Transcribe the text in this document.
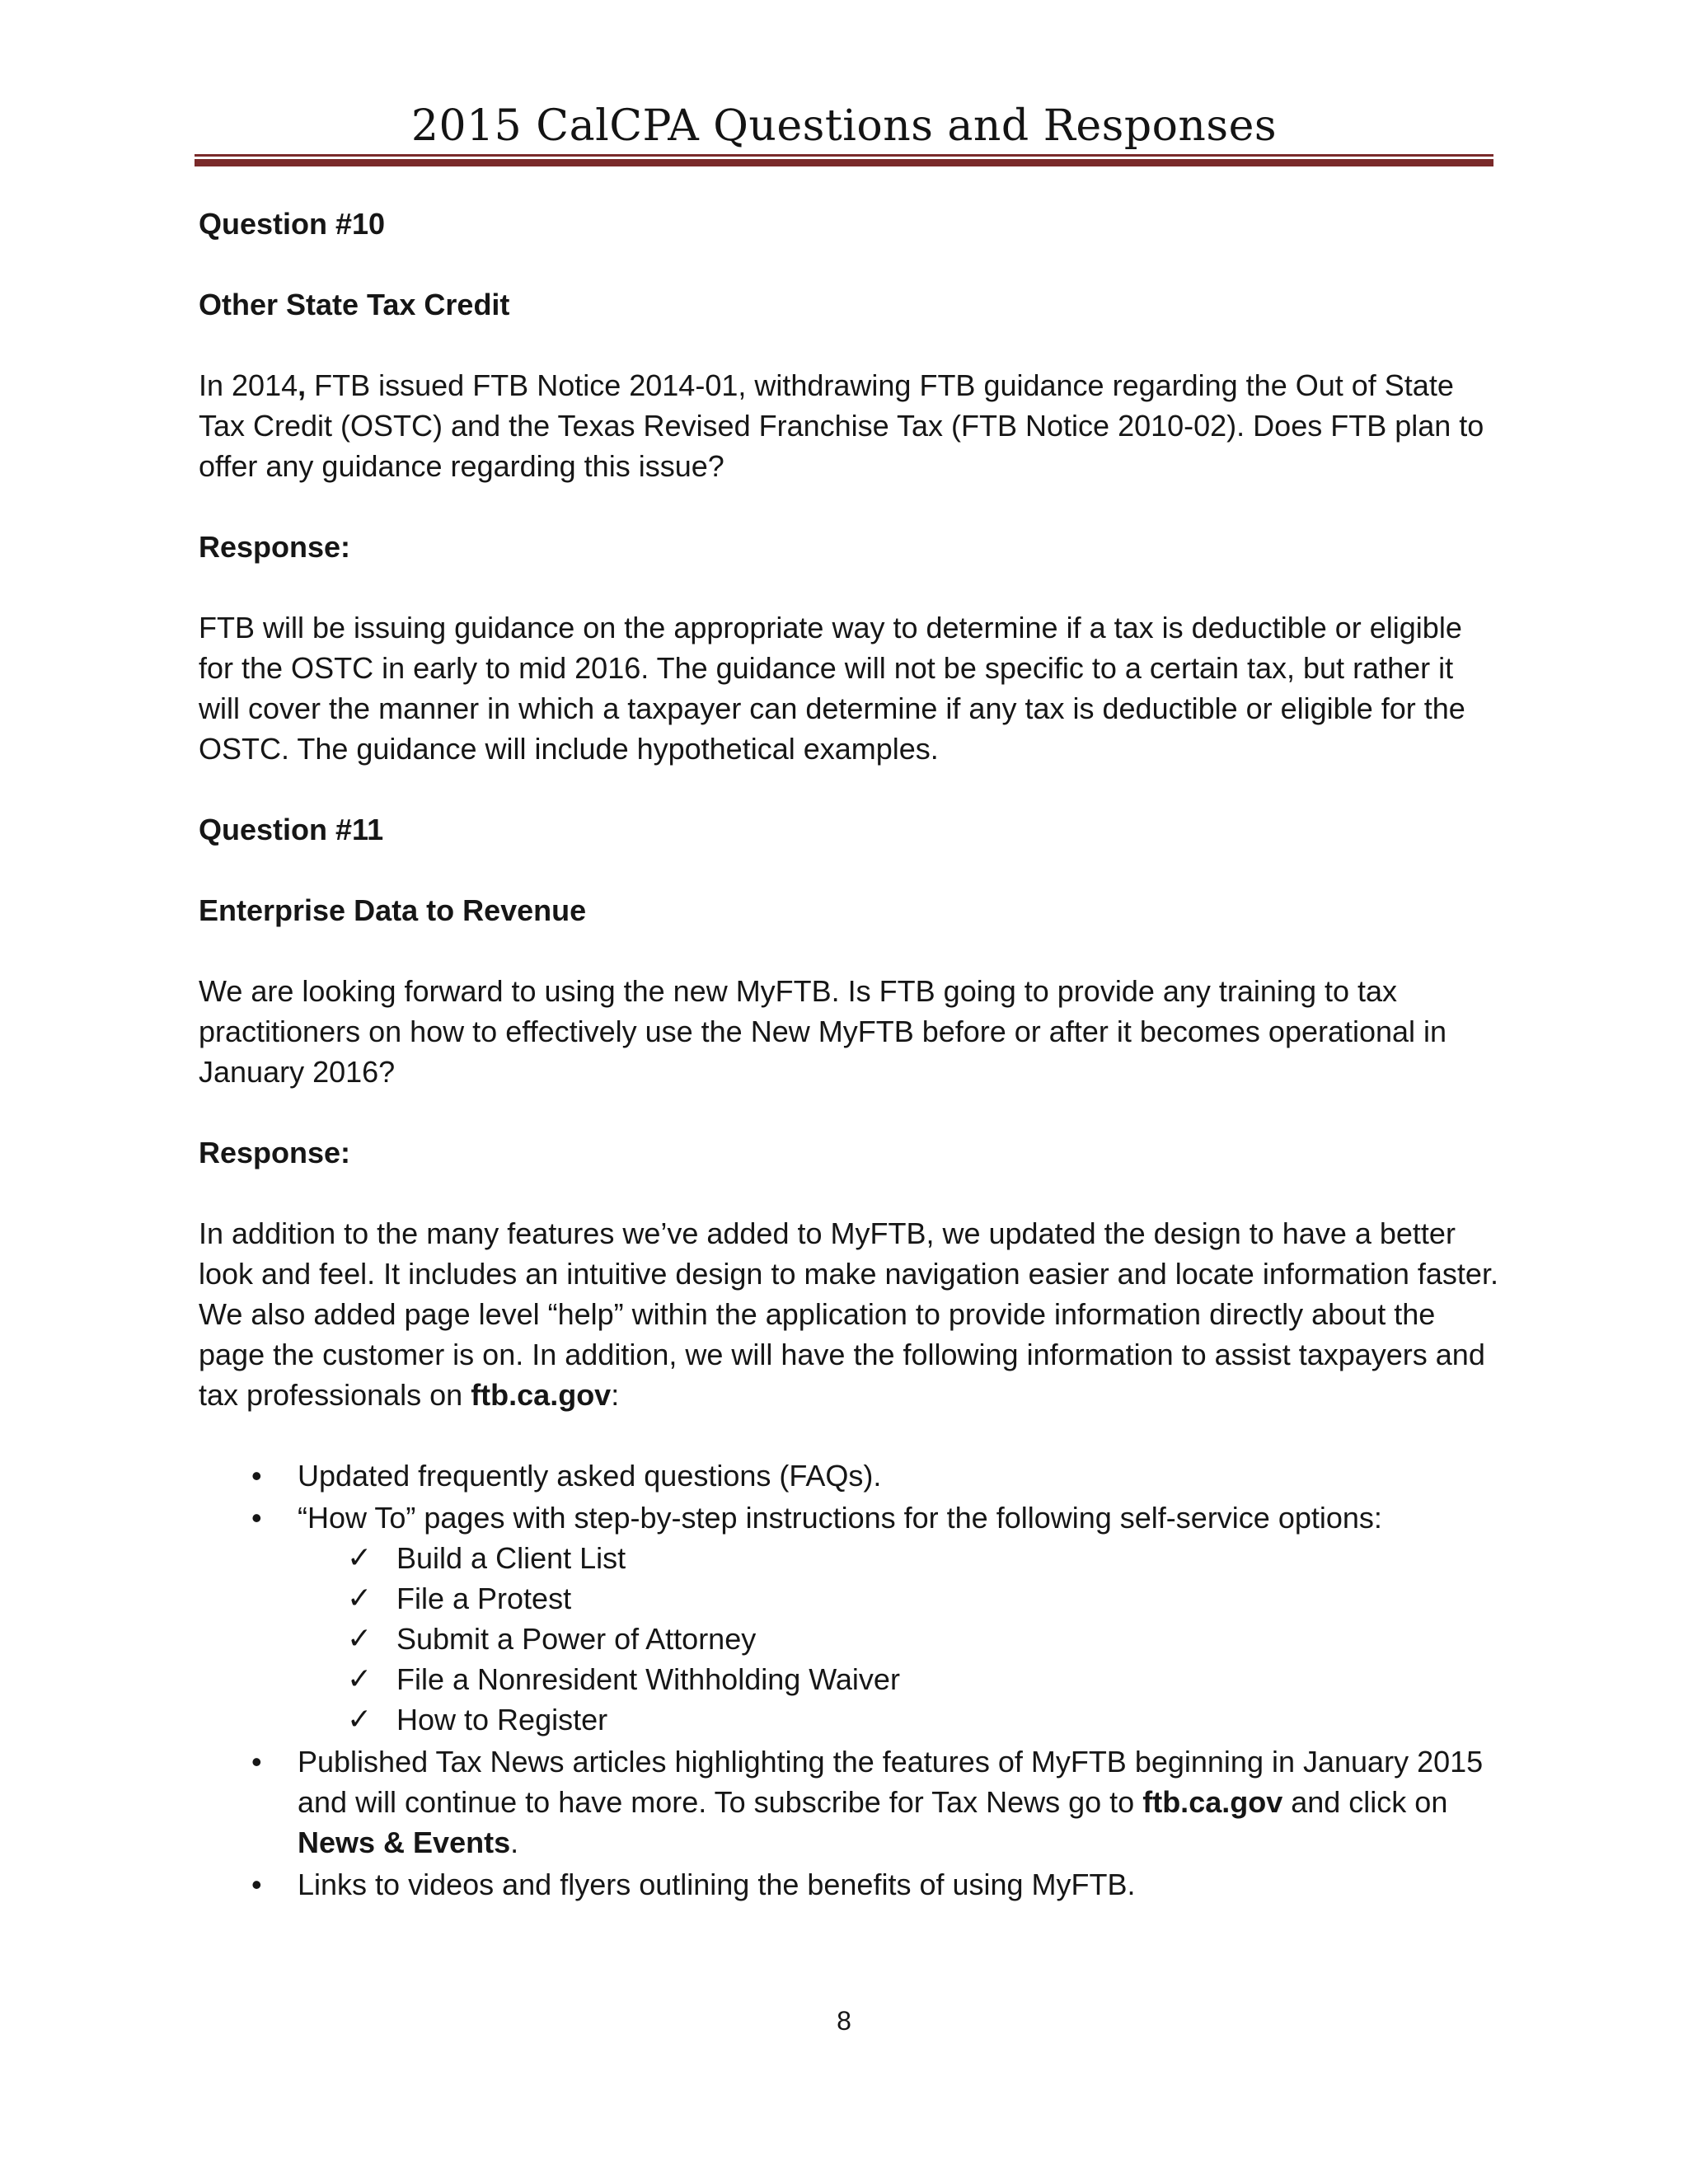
2015 CalCPA Questions and Responses

Question #10

Other State Tax Credit

In 2014, FTB issued FTB Notice 2014-01, withdrawing FTB guidance regarding the Out of State Tax Credit (OSTC) and the Texas Revised Franchise Tax (FTB Notice 2010-02). Does FTB plan to offer any guidance regarding this issue?

Response:

FTB will be issuing guidance on the appropriate way to determine if a tax is deductible or eligible for the OSTC in early to mid 2016. The guidance will not be specific to a certain tax, but rather it will cover the manner in which a taxpayer can determine if any tax is deductible or eligible for the OSTC. The guidance will include hypothetical examples.

Question #11

Enterprise Data to Revenue

We are looking forward to using the new MyFTB. Is FTB going to provide any training to tax practitioners on how to effectively use the New MyFTB before or after it becomes operational in January 2016?

Response:

In addition to the many features we’ve added to MyFTB, we updated the design to have a better look and feel. It includes an intuitive design to make navigation easier and locate information faster. We also added page level “help” within the application to provide information directly about the page the customer is on. In addition, we will have the following information to assist taxpayers and tax professionals on ftb.ca.gov:

• Updated frequently asked questions (FAQs).
• “How To” pages with step-by-step instructions for the following self-service options:
✓ Build a Client List
✓ File a Protest
✓ Submit a Power of Attorney
✓ File a Nonresident Withholding Waiver
✓ How to Register
• Published Tax News articles highlighting the features of MyFTB beginning in January 2015 and will continue to have more. To subscribe for Tax News go to ftb.ca.gov and click on News & Events.
• Links to videos and flyers outlining the benefits of using MyFTB.
8
